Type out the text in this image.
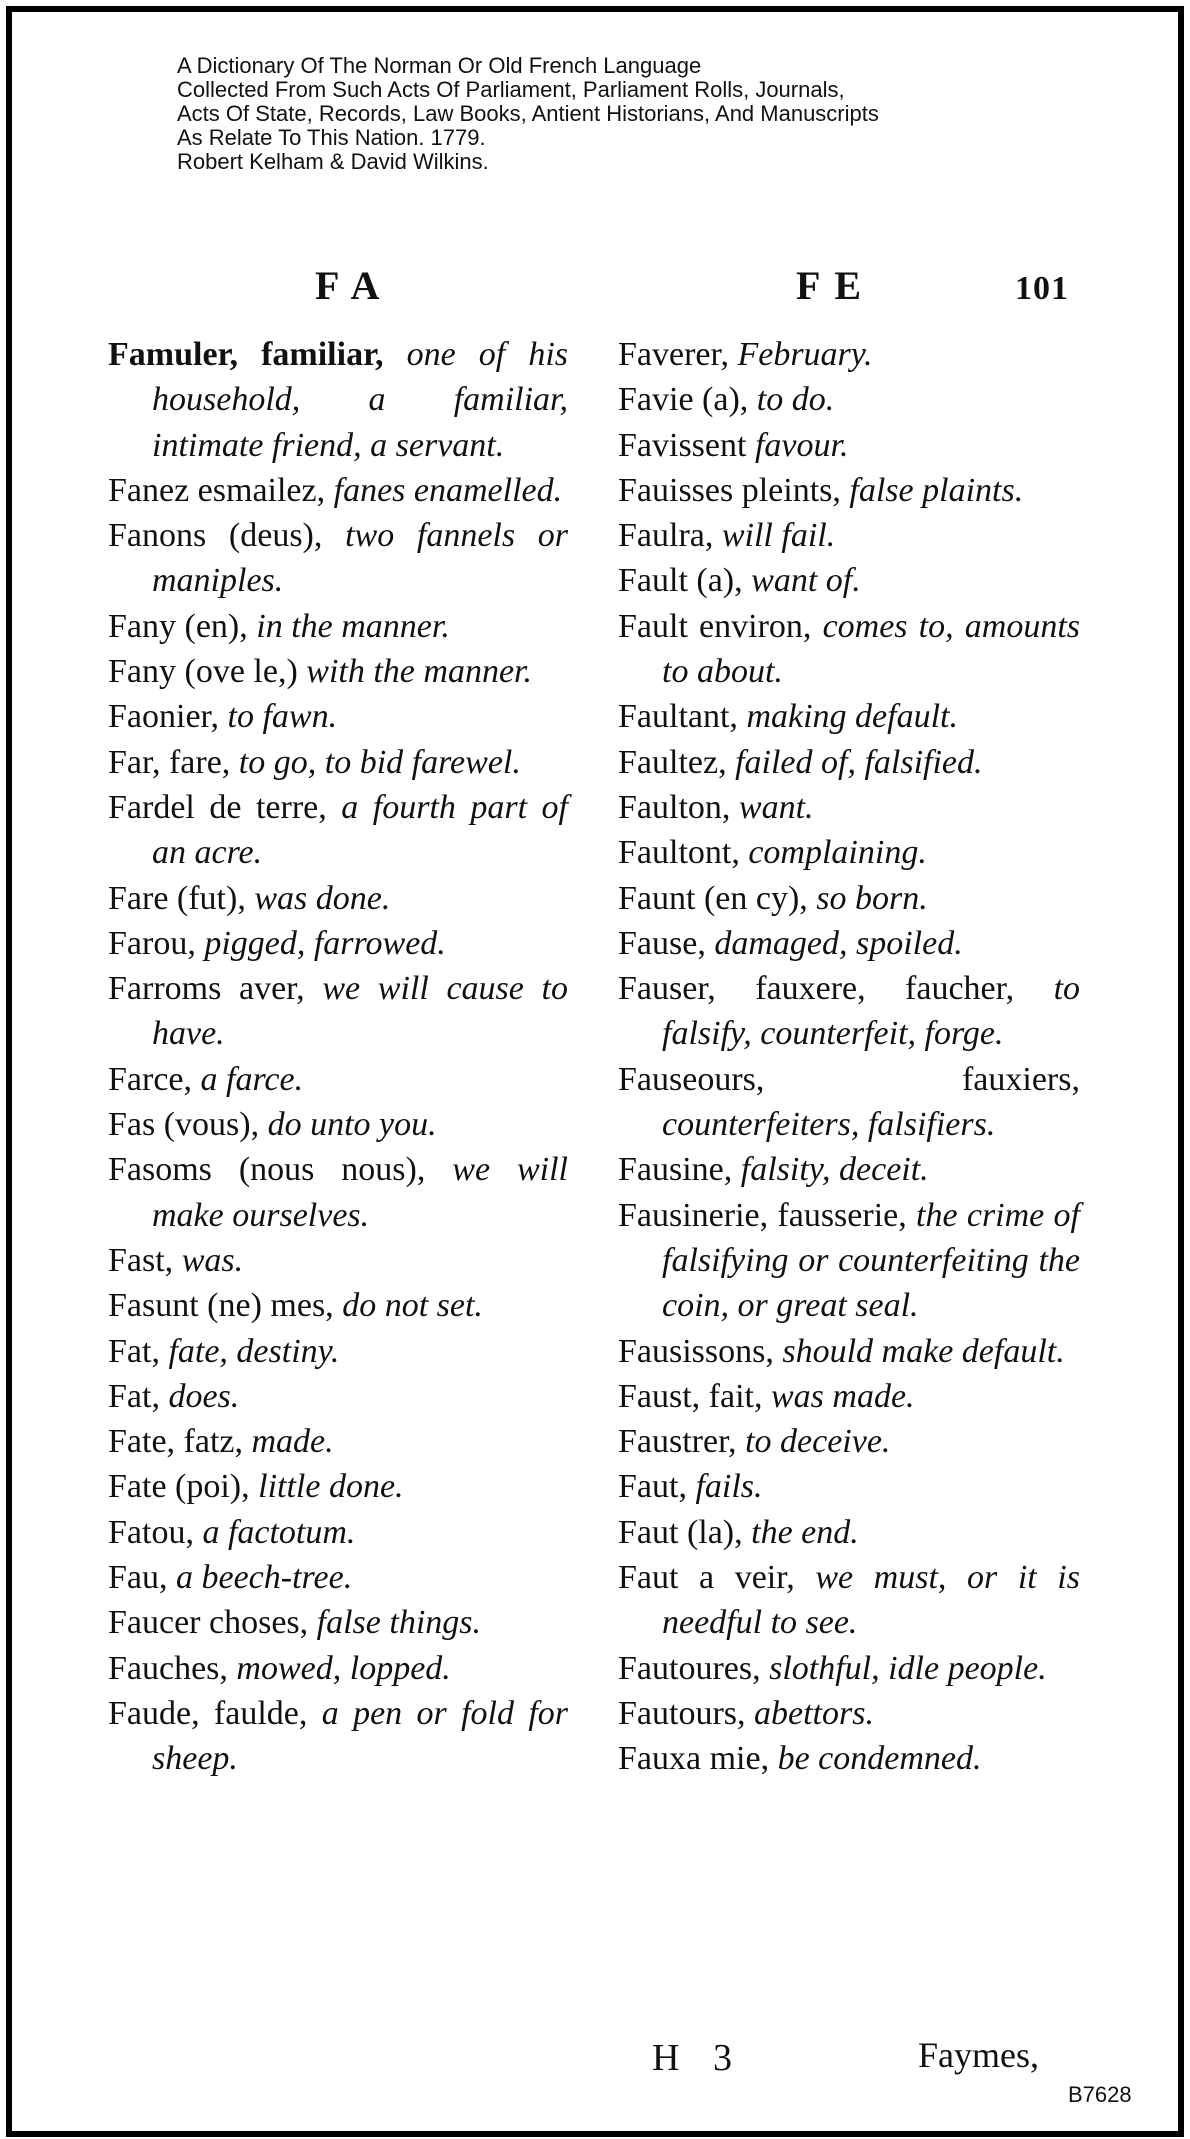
A Dictionary Of The Norman Or Old French Language
Collected From Such Acts Of Parliament, Parliament Rolls, Journals,
Acts Of State, Records, Law Books, Antient Historians, And Manuscripts
As Relate To This Nation. 1779.
Robert Kelham & David Wilkins.
FA	FE	101
Famuler, familiar, one of his household, a familiar, intimate friend, a servant.
Fanez esmailez, fanes enamelled.
Fanons (deus), two fannels or maniples.
Fany (en), in the manner.
Fany (ove le,) with the manner.
Faonier, to fawn.
Far, fare, to go, to bid farewel.
Fardel de terre, a fourth part of an acre.
Fare (fut), was done.
Farou, pigged, farrowed.
Farroms aver, we will cause to have.
Farce, a farce.
Fas (vous), do unto you.
Fasoms (nous nous), we will make ourselves.
Fast, was.
Fasunt (ne) mes, do not set.
Fat, fate, destiny.
Fat, does.
Fate, fatz, made.
Fate (poi), little done.
Fatou, a factotum.
Fau, a beech-tree.
Faucer choses, false things.
Fauches, mowed, lopped.
Faude, faulde, a pen or fold for sheep.
Faverer, February.
Favie (a), to do.
Favissent favour.
Fauisses pleints, false plaints.
Faulra, will fail.
Fault (a), want of.
Fault environ, comes to, amounts to about.
Faultant, making default.
Faultez, failed of, falsified.
Faulton, want.
Faultont, complaining.
Faunt (en cy), so born.
Fause, damaged, spoiled.
Fauser, fauxere, faucher, to falsify, counterfeit, forge.
Fauseours, fauxiers, counterfeiters, falsifiers.
Fausine, falsity, deceit.
Fausinerie, fausserie, the crime of falsifying or counterfeiting the coin, or great seal.
Fausissons, should make default.
Faust, fait, was made.
Faustrer, to deceive.
Faut, fails.
Faut (la), the end.
Faut a veir, we must, or it is needful to see.
Fautoures, slothful, idle people.
Fautours, abettors.
Fauxa mie, be condemned.
H 3	Faymes,
B7628
